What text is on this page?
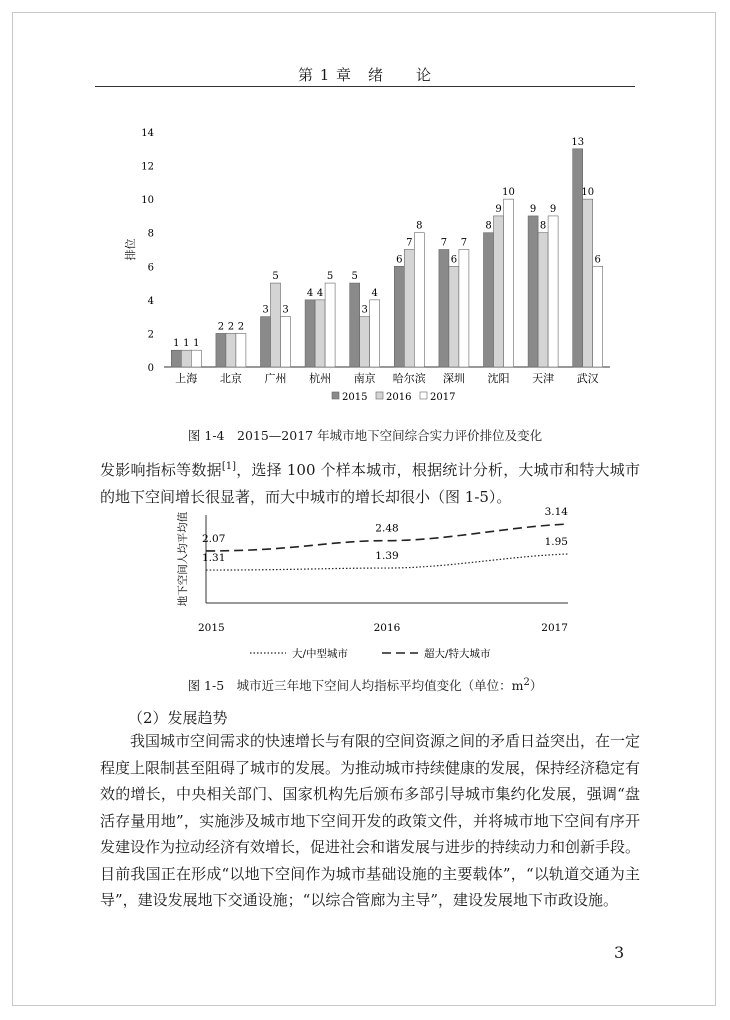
第 1 章　绪　　论
0
2
4
6
8
10
12
14
排位
1 1 1
上海
2 2 2
北京
3
5
3
广州
4 4
5
杭州
5
3
4
南京
6
7
8
哈尔滨
7
6
7
深圳
8
9
10
沈阳
9
8
9
天津
13
10
6
武汉
2015 2016 2017
图 1-4　2015—2017 年城市地下空间综合实力评价排位及变化

发影响指标等数据[1]，选择 100 个样本城市，根据统计分析，大城市和特大城市的地下空间增长很显著，而大中城市的增长却很小（图 1-5）。

地下空间人均平均值
2015	2016	2017
1.31	1.39
1.95
2.07
2.48
3.14
大/中型城市	超大/特大城市
图 1-5　城市近三年地下空间人均指标平均值变化（单位：$m^2$）
（2）发展趋势

我国城市空间需求的快速增长与有限的空间资源之间的矛盾日益突出，在一定程度上限制甚至阻碍了城市的发展。为推动城市持续健康的发展，保持经济稳定有效的增长，中央相关部门、国家机构先后颁布多部引导城市集约化发展，强调“盘活存量用地”，实施涉及城市地下空间开发的政策文件，并将城市地下空间有序开发建设作为拉动经济有效增长，促进社会和谐发展与进步的持续动力和创新手段。目前我国正在形成“以地下空间作为城市基础设施的主要载体”，“以轨道交通为主导”，建设发展地下交通设施；“以综合管廊为主导”，建设发展地下市政设施。

3
